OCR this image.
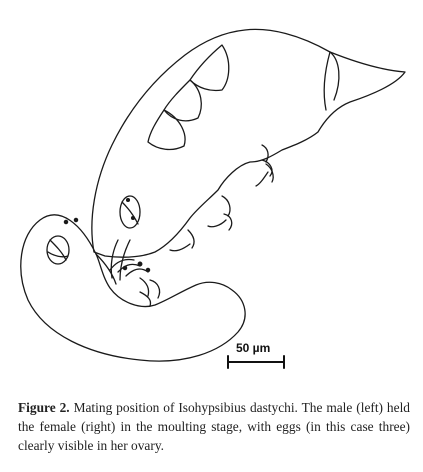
50 µm
Figure 2. Mating position of Isohypsibius dastychi. The male (left) held the female (right) in the moulting stage, with eggs (in this case three) clearly visible in her ovary.
